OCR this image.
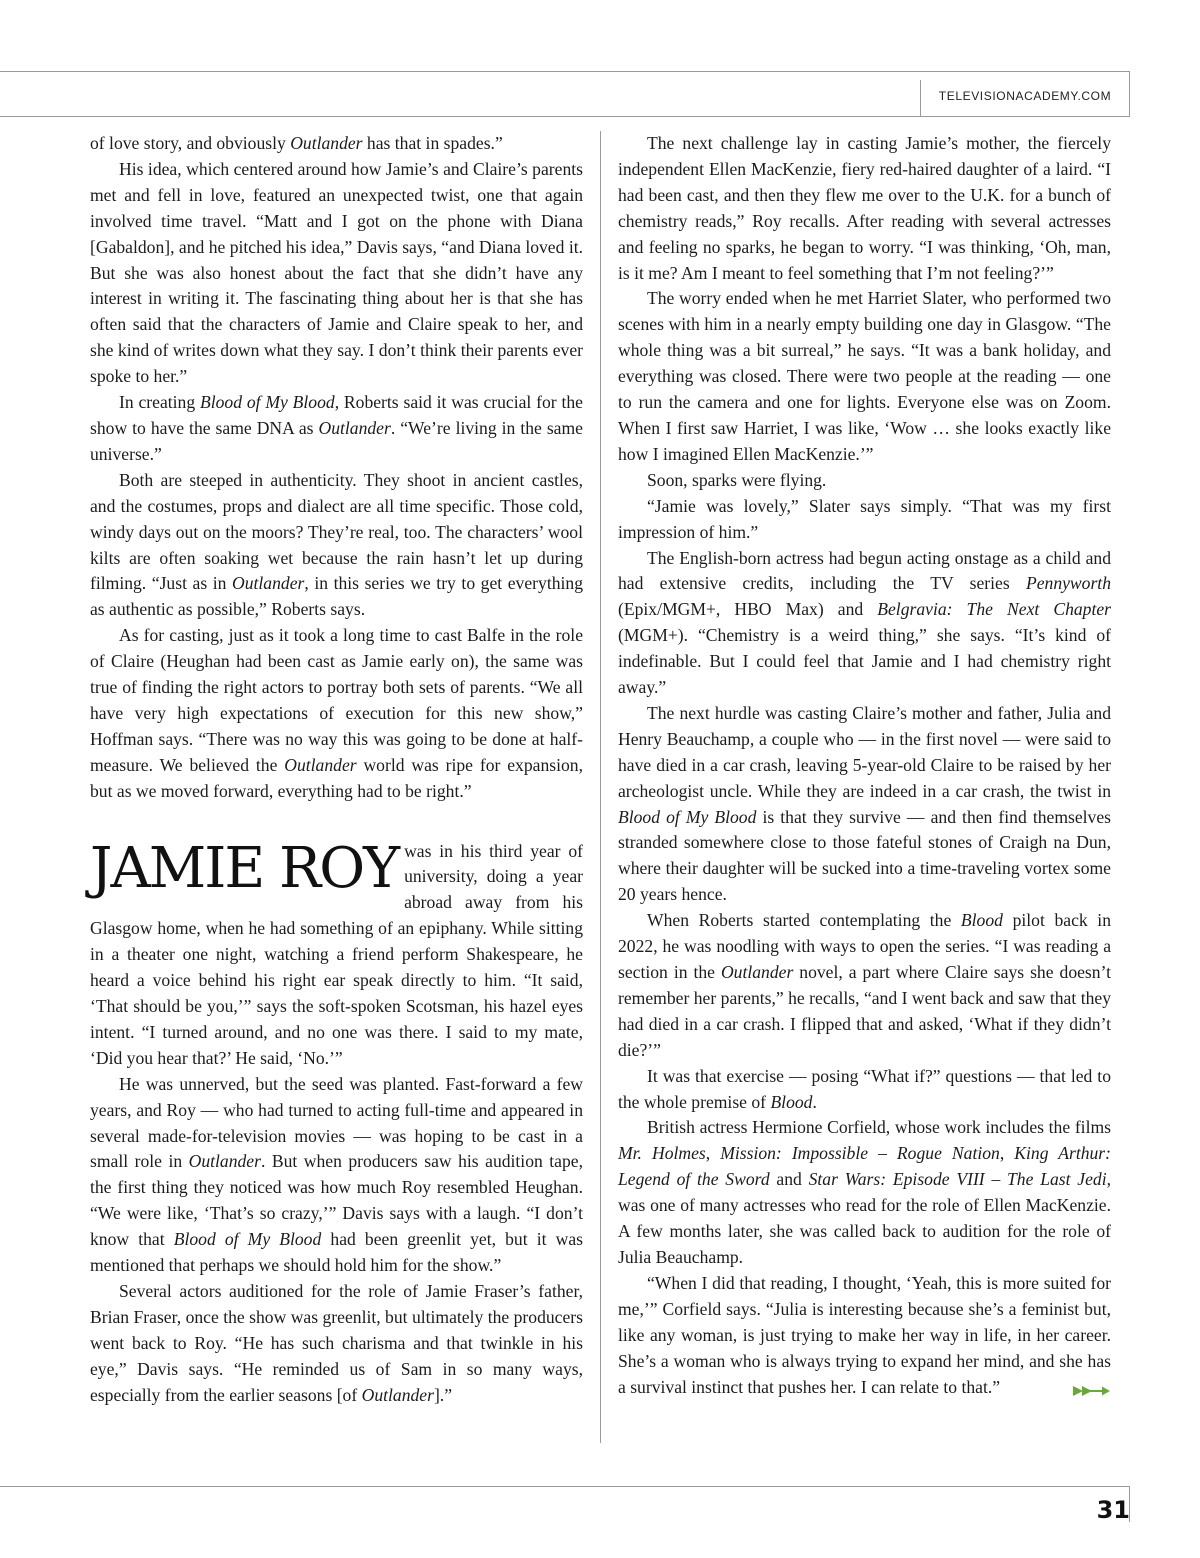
TELEVISIONACADEMY.COM

of love story, and obviously Outlander has that in spades.”

His idea, which centered around how Jamie’s and Claire’s parents met and fell in love, featured an unexpected twist, one that again involved time travel. “Matt and I got on the phone with Diana [Gabaldon], and he pitched his idea,” Davis says, “and Diana loved it. But she was also honest about the fact that she didn’t have any interest in writing it. The fascinating thing about her is that she has often said that the characters of Jamie and Claire speak to her, and she kind of writes down what they say. I don’t think their parents ever spoke to her.”

In creating Blood of My Blood, Roberts said it was crucial for the show to have the same DNA as Outlander. “We’re living in the same universe.”

Both are steeped in authenticity. They shoot in ancient castles, and the costumes, props and dialect are all time specific. Those cold, windy days out on the moors? They’re real, too. The characters’ wool kilts are often soaking wet because the rain hasn’t let up during filming. “Just as in Outlander, in this series we try to get everything as authentic as possible,” Roberts says.

As for casting, just as it took a long time to cast Balfe in the role of Claire (Heughan had been cast as Jamie early on), the same was true of finding the right actors to portray both sets of parents. “We all have very high expectations of execution for this new show,” Hoffman says. “There was no way this was going to be done at half-measure. We believed the Outlander world was ripe for expansion, but as we moved forward, everything had to be right.”

JAMIE ROY was in his third year of university, doing a year abroad away from his Glasgow home, when he had something of an epiphany. While sitting in a theater one night, watching a friend perform Shakespeare, he heard a voice behind his right ear speak directly to him. “It said, ‘That should be you,’” says the soft-spoken Scotsman, his hazel eyes intent. “I turned around, and no one was there. I said to my mate, ‘Did you hear that?’ He said, ‘No.’”

He was unnerved, but the seed was planted. Fast-forward a few years, and Roy — who had turned to acting full-time and appeared in several made-for-television movies — was hoping to be cast in a small role in Outlander. But when producers saw his audition tape, the first thing they noticed was how much Roy resembled Heughan. “We were like, ‘That’s so crazy,’” Davis says with a laugh. “I don’t know that Blood of My Blood had been greenlit yet, but it was mentioned that perhaps we should hold him for the show.”

Several actors auditioned for the role of Jamie Fraser’s father, Brian Fraser, once the show was greenlit, but ultimately the producers went back to Roy. “He has such charisma and that twinkle in his eye,” Davis says. “He reminded us of Sam in so many ways, especially from the earlier seasons [of Outlander].”

The next challenge lay in casting Jamie’s mother, the fiercely independent Ellen MacKenzie, fiery red-haired daughter of a laird. “I had been cast, and then they flew me over to the U.K. for a bunch of chemistry reads,” Roy recalls. After reading with several actresses and feeling no sparks, he began to worry. “I was thinking, ‘Oh, man, is it me? Am I meant to feel something that I’m not feeling?’”

The worry ended when he met Harriet Slater, who performed two scenes with him in a nearly empty building one day in Glasgow. “The whole thing was a bit surreal,” he says. “It was a bank holiday, and everything was closed. There were two people at the reading — one to run the camera and one for lights. Everyone else was on Zoom. When I first saw Harriet, I was like, ‘Wow … she looks exactly like how I imagined Ellen MacKenzie.’”

Soon, sparks were flying.

“Jamie was lovely,” Slater says simply. “That was my first impression of him.”

The English-born actress had begun acting onstage as a child and had extensive credits, including the TV series Pennyworth (Epix/MGM+, HBO Max) and Belgravia: The Next Chapter (MGM+). “Chemistry is a weird thing,” she says. “It’s kind of indefinable. But I could feel that Jamie and I had chemistry right away.”

The next hurdle was casting Claire’s mother and father, Julia and Henry Beauchamp, a couple who — in the first novel — were said to have died in a car crash, leaving 5-year-old Claire to be raised by her archeologist uncle. While they are indeed in a car crash, the twist in Blood of My Blood is that they survive — and then find themselves stranded somewhere close to those fateful stones of Craigh na Dun, where their daughter will be sucked into a time-traveling vortex some 20 years hence.

When Roberts started contemplating the Blood pilot back in 2022, he was noodling with ways to open the series. “I was reading a section in the Outlander novel, a part where Claire says she doesn’t remember her parents,” he recalls, “and I went back and saw that they had died in a car crash. I flipped that and asked, ‘What if they didn’t die?’”

It was that exercise — posing “What if?” questions — that led to the whole premise of Blood.

British actress Hermione Corfield, whose work includes the films Mr. Holmes, Mission: Impossible – Rogue Nation, King Arthur: Legend of the Sword and Star Wars: Episode VIII – The Last Jedi, was one of many actresses who read for the role of Ellen MacKenzie. A few months later, she was called back to audition for the role of Julia Beauchamp.

“When I did that reading, I thought, ‘Yeah, this is more suited for me,’” Corfield says. “Julia is interesting because she’s a feminist but, like any woman, is just trying to make her way in life, in her career. She’s a woman who is always trying to expand her mind, and she has a survival instinct that pushes her. I can relate to that.”

31
